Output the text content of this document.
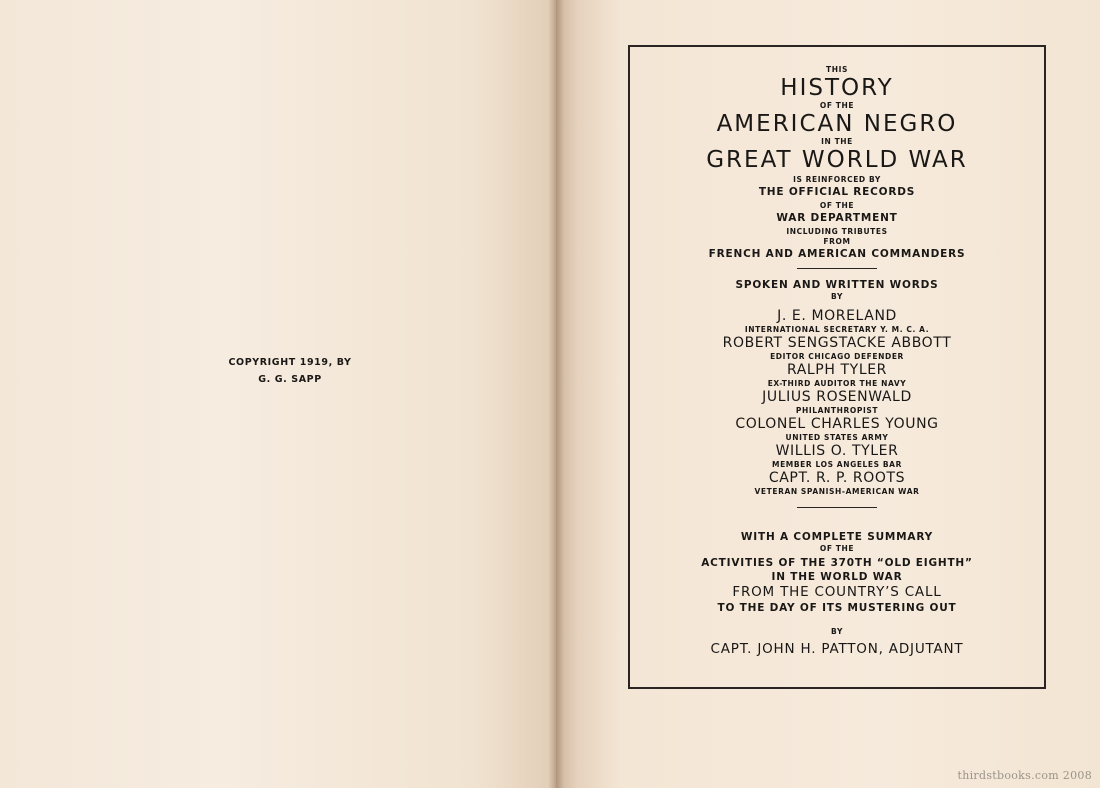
COPYRIGHT 1919, BY
G. G. SAPP
THIS
HISTORY
OF THE
AMERICAN NEGRO
IN THE
GREAT WORLD WAR
IS REINFORCED BY
THE OFFICIAL RECORDS
OF THE
WAR DEPARTMENT
INCLUDING TRIBUTES
FROM
FRENCH AND AMERICAN COMMANDERS
SPOKEN AND WRITTEN WORDS
BY
J. E. MORELAND
INTERNATIONAL SECRETARY Y. M. C. A.
ROBERT SENGSTACKE ABBOTT
EDITOR CHICAGO DEFENDER
RALPH TYLER
EX-THIRD AUDITOR THE NAVY
JULIUS ROSENWALD
PHILANTHROPIST
COLONEL CHARLES YOUNG
UNITED STATES ARMY
WILLIS O. TYLER
MEMBER LOS ANGELES BAR
CAPT. R. P. ROOTS
VETERAN SPANISH-AMERICAN WAR
WITH A COMPLETE SUMMARY
OF THE
ACTIVITIES OF THE 370TH “OLD EIGHTH”
IN THE WORLD WAR
FROM THE COUNTRY’S CALL
TO THE DAY OF ITS MUSTERING OUT
BY
CAPT. JOHN H. PATTON, ADJUTANT
thirdstbooks.com 2008
